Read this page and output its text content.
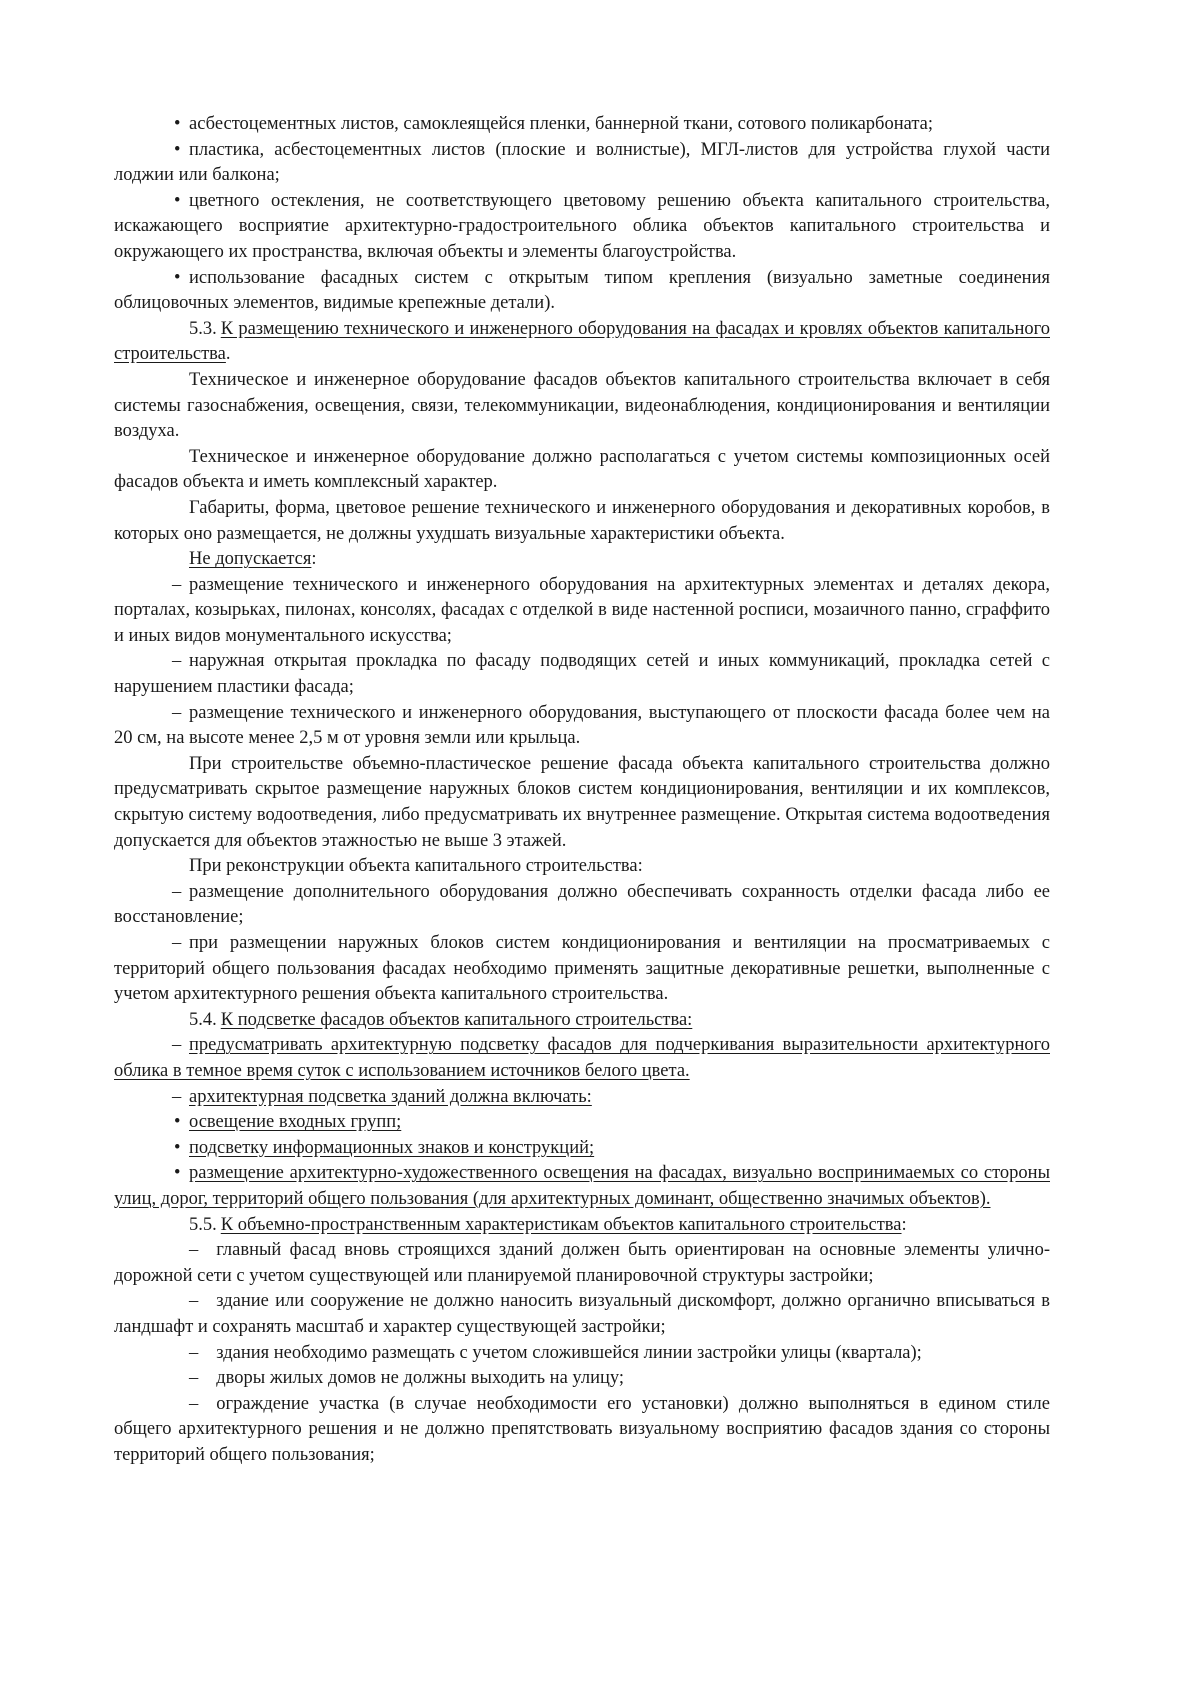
• асбестоцементных листов, самоклеящейся пленки, баннерной ткани, сотового поликарбоната;

• пластика, асбестоцементных листов (плоские и волнистые), МГЛ-листов для устройства глухой части лоджии или балкона;

• цветного остекления, не соответствующего цветовому решению объекта капитального строительства, искажающего восприятие архитектурно-градостроительного облика объектов капитального строительства и окружающего их пространства, включая объекты и элементы благоустройства.

• использование фасадных систем с открытым типом крепления (визуально заметные соединения облицовочных элементов, видимые крепежные детали).

5.3. К размещению технического и инженерного оборудования на фасадах и кровлях объектов капитального строительства.

Техническое и инженерное оборудование фасадов объектов капитального строительства включает в себя системы газоснабжения, освещения, связи, телекоммуникации, видеонаблюдения, кондиционирования и вентиляции воздуха.

Техническое и инженерное оборудование должно располагаться с учетом системы композиционных осей фасадов объекта и иметь комплексный характер.

Габариты, форма, цветовое решение технического и инженерного оборудования и декоративных коробов, в которых оно размещается, не должны ухудшать визуальные характеристики объекта.

Не допускается:

– размещение технического и инженерного оборудования на архитектурных элементах и деталях декора, порталах, козырьках, пилонах, консолях, фасадах с отделкой в виде настенной росписи, мозаичного панно, сграффито и иных видов монументального искусства;

– наружная открытая прокладка по фасаду подводящих сетей и иных коммуникаций, прокладка сетей с нарушением пластики фасада;

– размещение технического и инженерного оборудования, выступающего от плоскости фасада более чем на 20 см, на высоте менее 2,5 м от уровня земли или крыльца.

При строительстве объемно-пластическое решение фасада объекта капитального строительства должно предусматривать скрытое размещение наружных блоков систем кондиционирования, вентиляции и их комплексов, скрытую систему водоотведения, либо предусматривать их внутреннее размещение. Открытая система водоотведения допускается для объектов этажностью не выше 3 этажей.

При реконструкции объекта капитального строительства:

– размещение дополнительного оборудования должно обеспечивать сохранность отделки фасада либо ее восстановление;

– при размещении наружных блоков систем кондиционирования и вентиляции на просматриваемых с территорий общего пользования фасадах необходимо применять защитные декоративные решетки, выполненные с учетом архитектурного решения объекта капитального строительства.

5.4. К подсветке фасадов объектов капитального строительства:

– предусматривать архитектурную подсветку фасадов для подчеркивания выразительности архитектурного облика в темное время суток с использованием источников белого цвета.

– архитектурная подсветка зданий должна включать:

• освещение входных групп;

• подсветку информационных знаков и конструкций;

• размещение архитектурно-художественного освещения на фасадах, визуально воспринимаемых со стороны улиц, дорог, территорий общего пользования (для архитектурных доминант, общественно значимых объектов).

5.5. К объемно-пространственным характеристикам объектов капитального строительства:

– главный фасад вновь строящихся зданий должен быть ориентирован на основные элементы улично-дорожной сети с учетом существующей или планируемой планировочной структуры застройки;

– здание или сооружение не должно наносить визуальный дискомфорт, должно органично вписываться в ландшафт и сохранять масштаб и характер существующей застройки;

– здания необходимо размещать с учетом сложившейся линии застройки улицы (квартала);

– дворы жилых домов не должны выходить на улицу;

– ограждение участка (в случае необходимости его установки) должно выполняться в едином стиле общего архитектурного решения и не должно препятствовать визуальному восприятию фасадов здания со стороны территорий общего пользования;
